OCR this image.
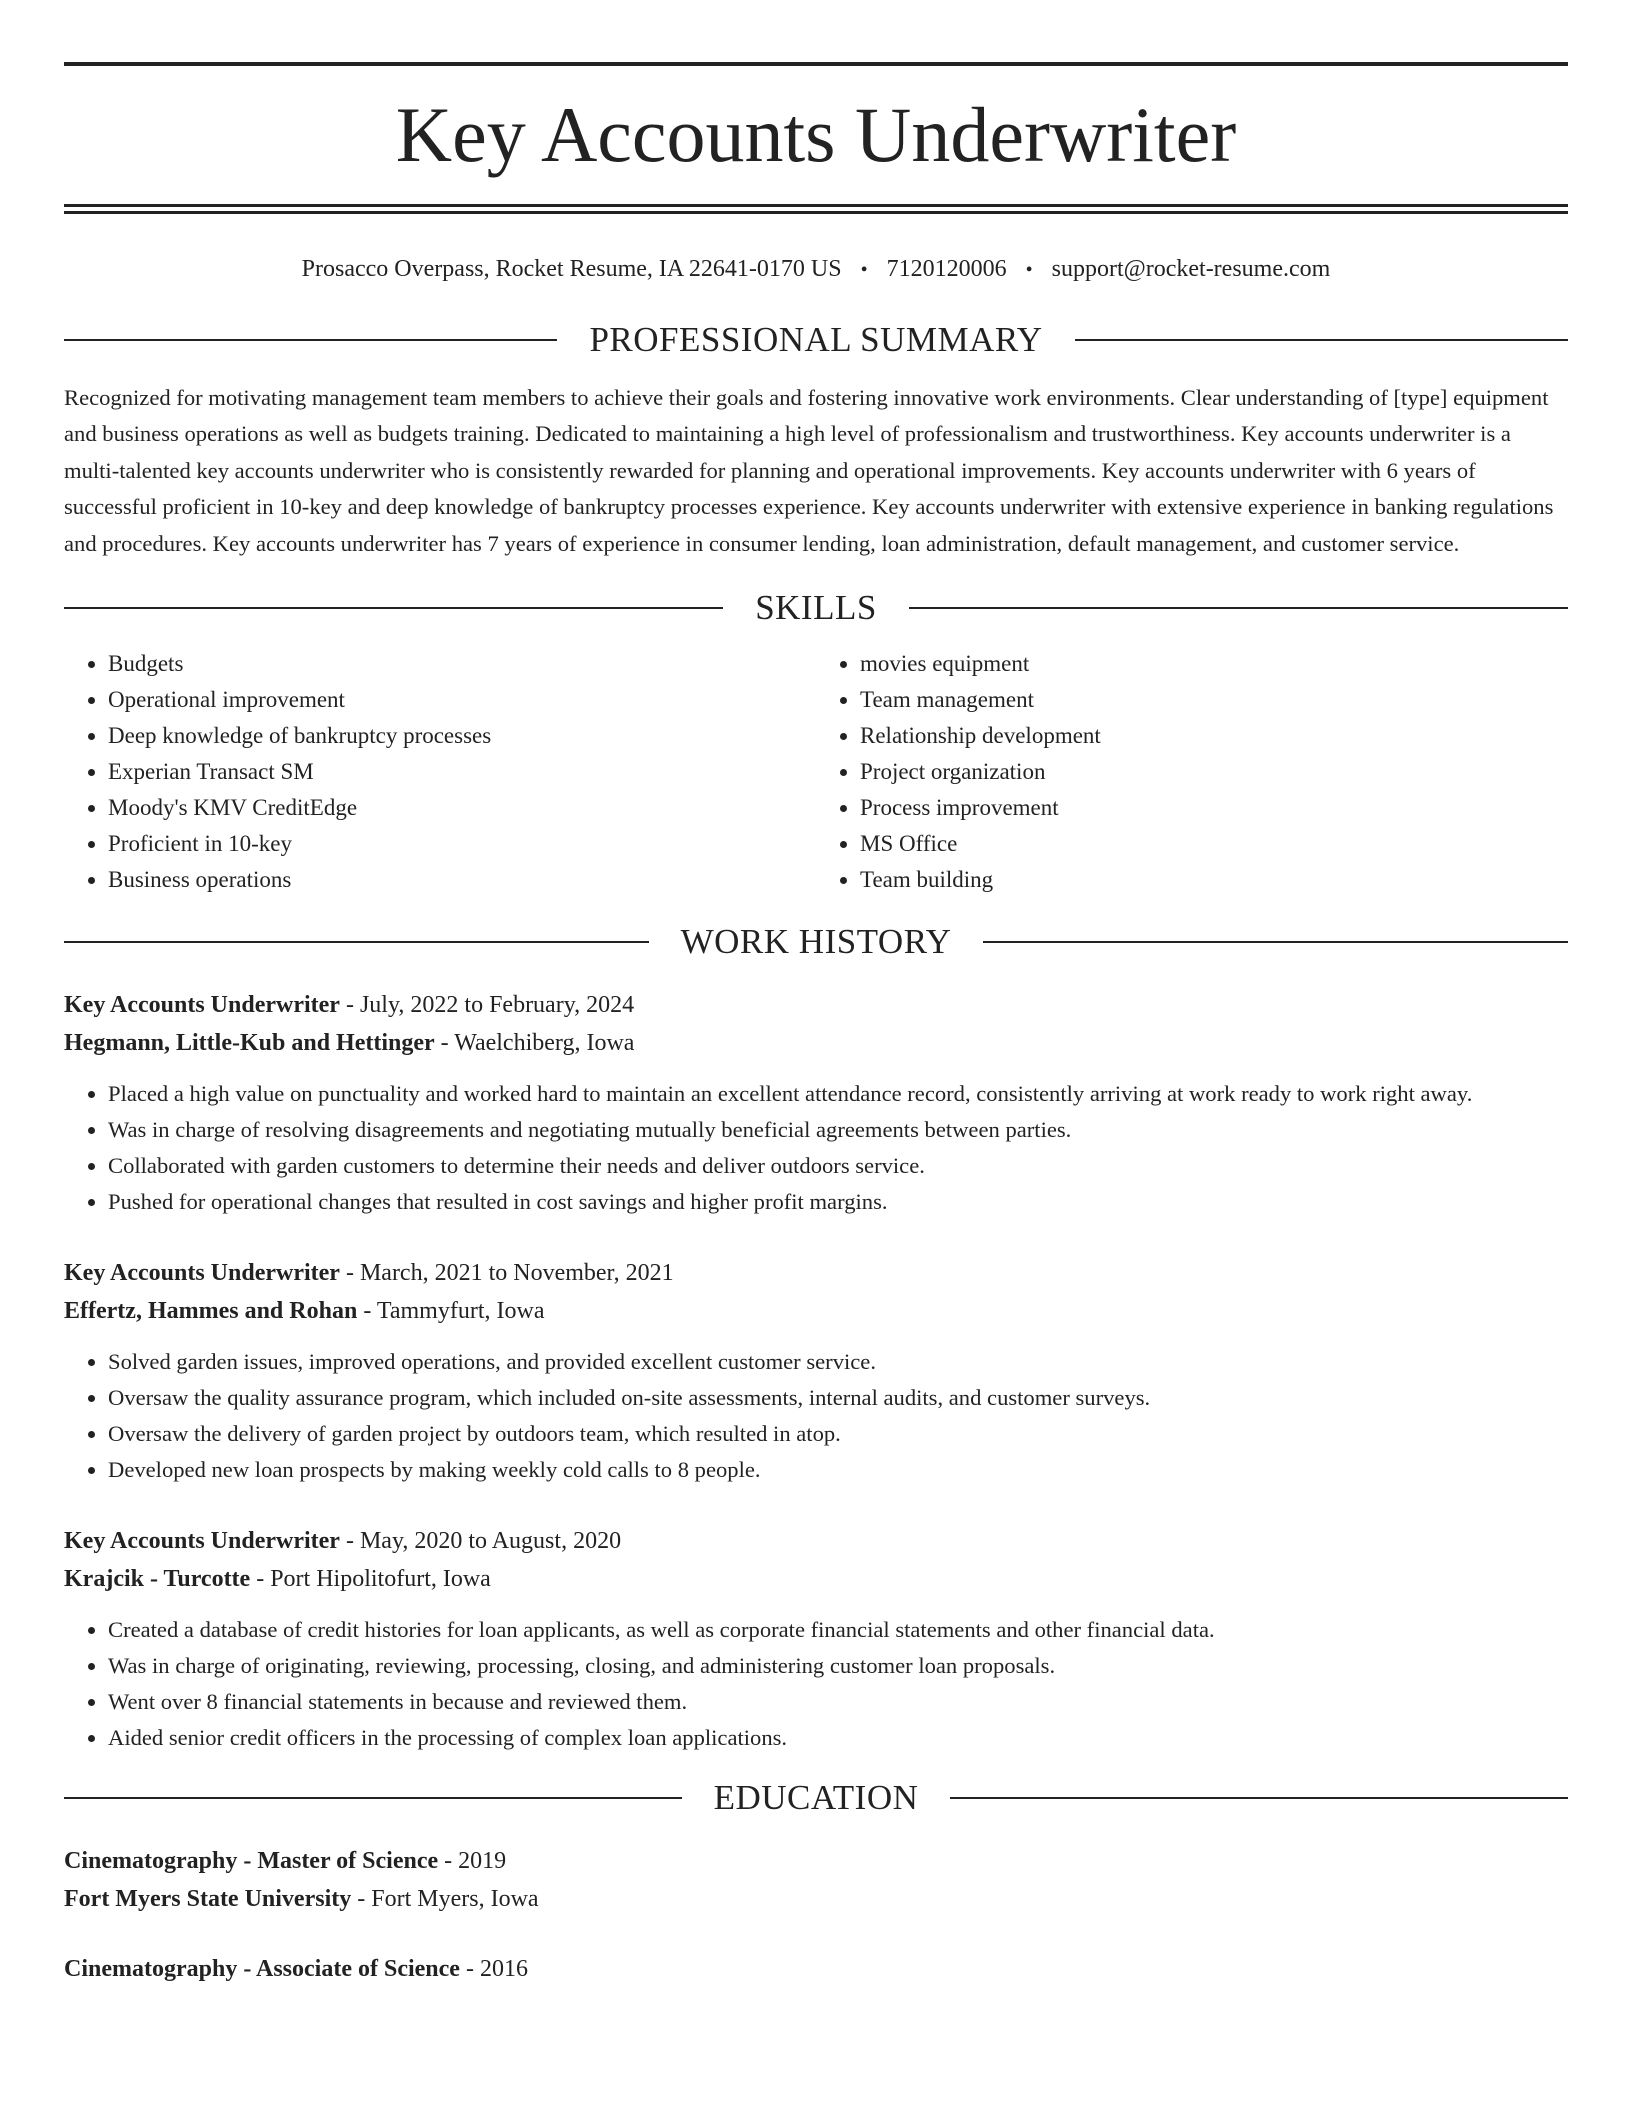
Key Accounts Underwriter
Prosacco Overpass, Rocket Resume, IA 22641-0170 US • 7120120006 • support@rocket-resume.com
PROFESSIONAL SUMMARY

Recognized for motivating management team members to achieve their goals and fostering innovative work environments. Clear understanding of [type] equipment and business operations as well as budgets training. Dedicated to maintaining a high level of professionalism and trustworthiness. Key accounts underwriter is a multi-talented key accounts underwriter who is consistently rewarded for planning and operational improvements. Key accounts underwriter with 6 years of successful proficient in 10-key and deep knowledge of bankruptcy processes experience. Key accounts underwriter with extensive experience in banking regulations and procedures. Key accounts underwriter has 7 years of experience in consumer lending, loan administration, default management, and customer service.

SKILLS
• Budgets
• Operational improvement
• Deep knowledge of bankruptcy processes
• Experian Transact SM
• Moody's KMV CreditEdge
• Proficient in 10-key
• Business operations
• movies equipment
• Team management
• Relationship development
• Project organization
• Process improvement
• MS Office
• Team building
WORK HISTORY
Key Accounts Underwriter - July, 2022 to February, 2024
Hegmann, Little-Kub and Hettinger - Waelchiberg, Iowa
• Placed a high value on punctuality and worked hard to maintain an excellent attendance record, consistently arriving at work ready to work right away.
• Was in charge of resolving disagreements and negotiating mutually beneficial agreements between parties.
• Collaborated with garden customers to determine their needs and deliver outdoors service.
• Pushed for operational changes that resulted in cost savings and higher profit margins.
Key Accounts Underwriter - March, 2021 to November, 2021
Effertz, Hammes and Rohan - Tammyfurt, Iowa
• Solved garden issues, improved operations, and provided excellent customer service.
• Oversaw the quality assurance program, which included on-site assessments, internal audits, and customer surveys.
• Oversaw the delivery of garden project by outdoors team, which resulted in atop.
• Developed new loan prospects by making weekly cold calls to 8 people.
Key Accounts Underwriter - May, 2020 to August, 2020
Krajcik - Turcotte - Port Hipolitofurt, Iowa
• Created a database of credit histories for loan applicants, as well as corporate financial statements and other financial data.
• Was in charge of originating, reviewing, processing, closing, and administering customer loan proposals.
• Went over 8 financial statements in because and reviewed them.
• Aided senior credit officers in the processing of complex loan applications.
EDUCATION
Cinematography - Master of Science - 2019
Fort Myers State University - Fort Myers, Iowa
Cinematography - Associate of Science - 2016
